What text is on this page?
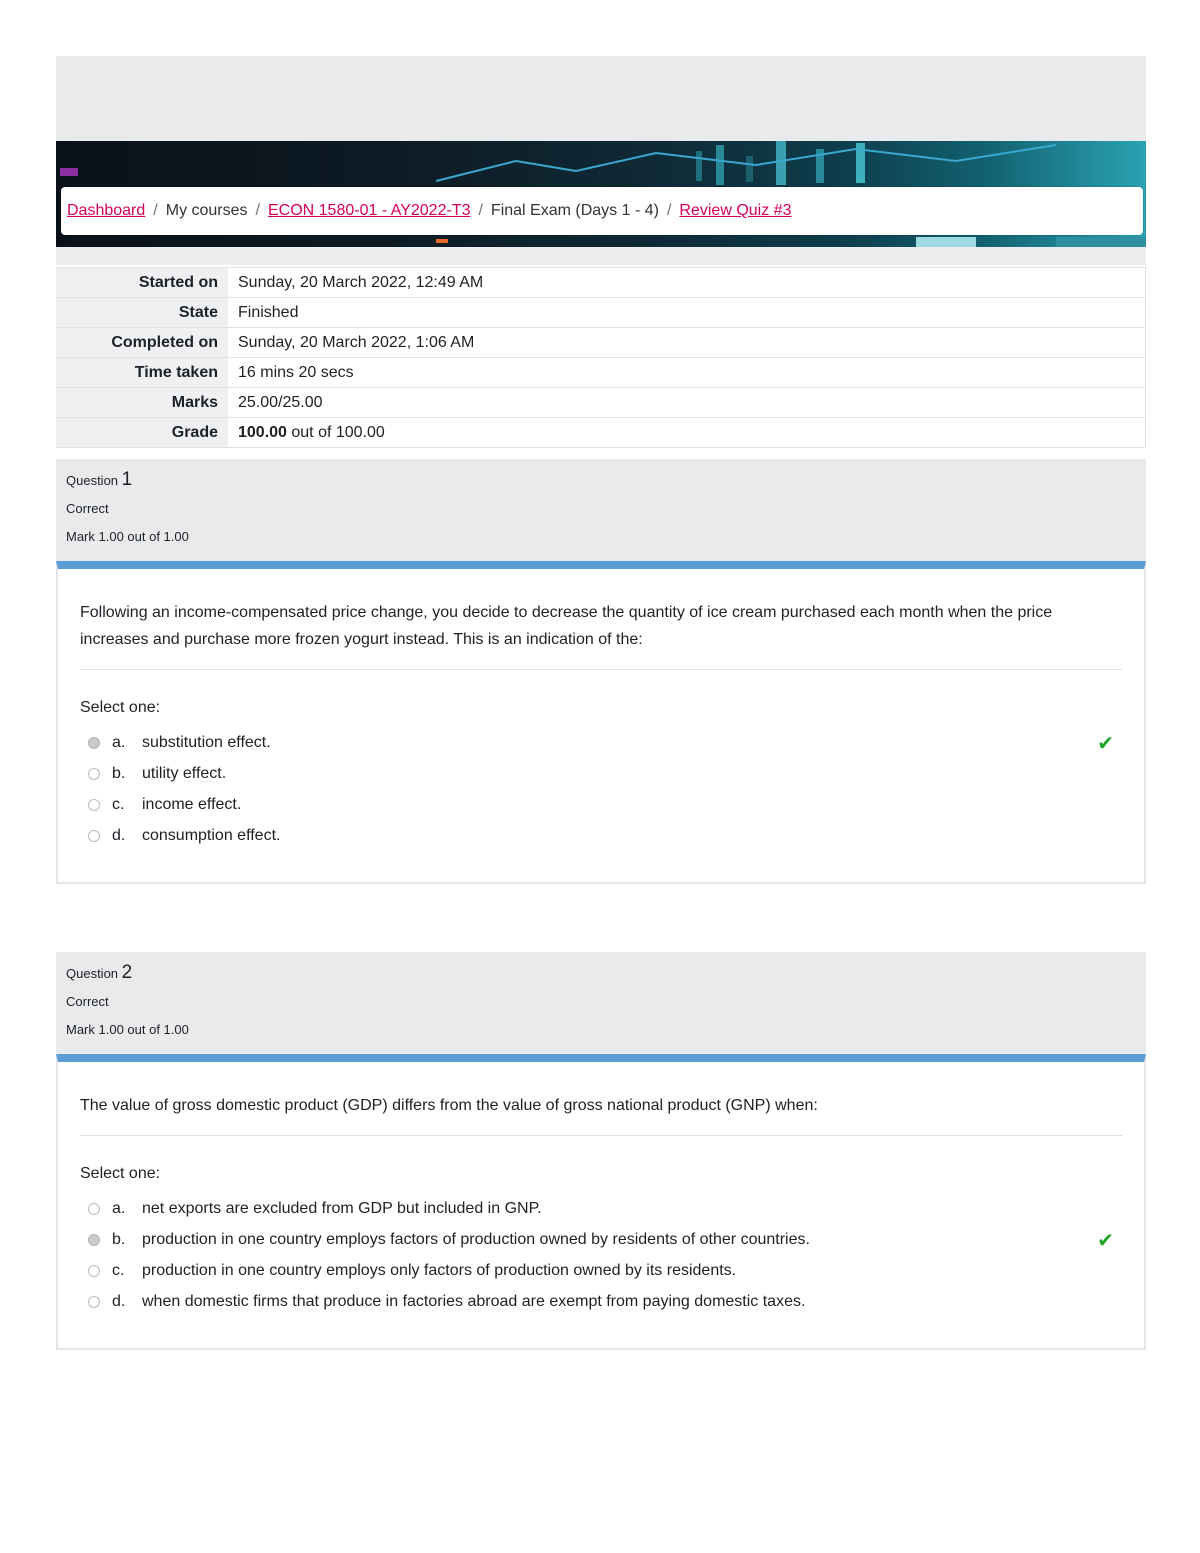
Dashboard / My courses / ECON 1580-01 - AY2022-T3 / Final Exam (Days 1 - 4) / Review Quiz #3
Started on	Sunday, 20 March 2022, 12:49 AM
State	Finished
Completed on	Sunday, 20 March 2022, 1:06 AM
Time taken	16 mins 20 secs
Marks	25.00/25.00
Grade	100.00 out of 100.00
Question 1
Correct
Mark 1.00 out of 1.00
Following an income-compensated price change, you decide to decrease the quantity of ice cream purchased each month when the price increases and purchase more frozen yogurt instead. This is an indication of the:
Select one:
a.	substitution effect.
b.	utility effect.
c.	income effect.
d.	consumption effect.
✔
Question 2
Correct
Mark 1.00 out of 1.00
The value of gross domestic product (GDP) differs from the value of gross national product (GNP) when:
Select one:
a.	net exports are excluded from GDP but included in GNP.
b.	production in one country employs factors of production owned by residents of other countries.
c.	production in one country employs only factors of production owned by its residents.
d.	when domestic firms that produce in factories abroad are exempt from paying domestic taxes.
✔
